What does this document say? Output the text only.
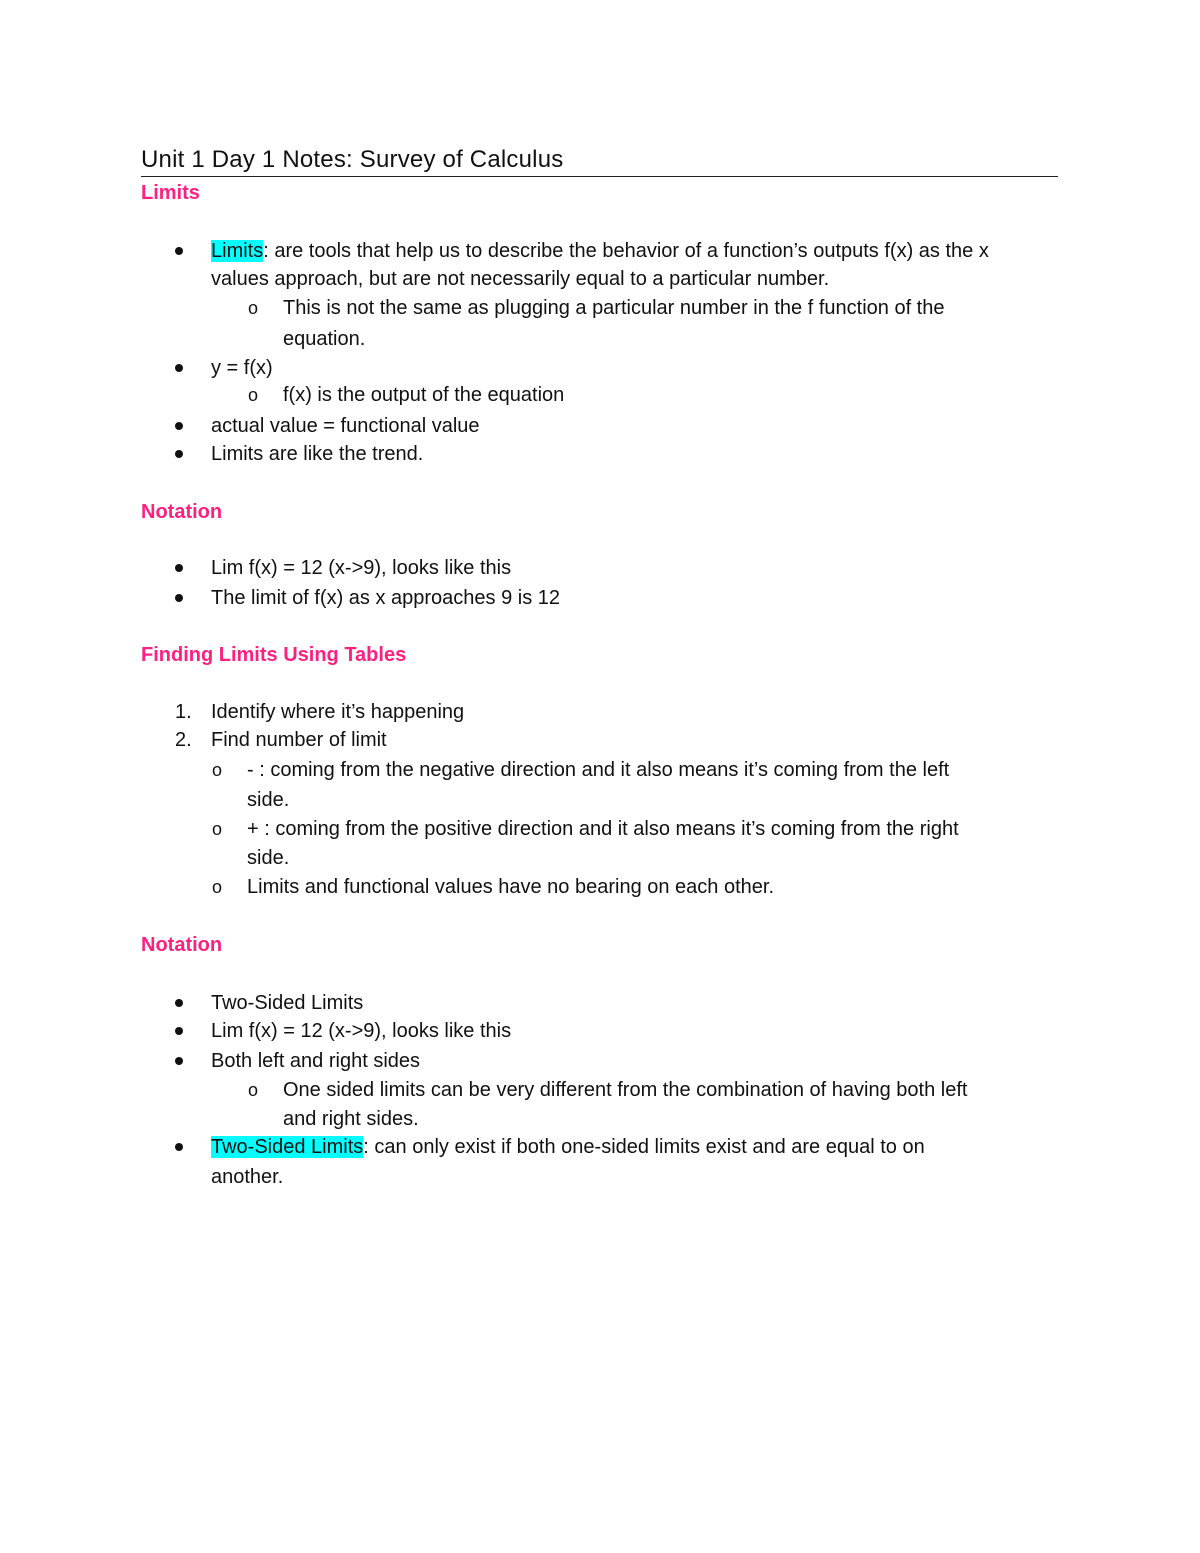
Unit 1 Day 1 Notes: Survey of Calculus
Limits
Limits: are tools that help us to describe the behavior of a function’s outputs f(x) as the x
values approach, but are not necessarily equal to a particular number.
o This is not the same as plugging a particular number in the f function of the
equation.
y = f(x)
o f(x) is the output of the equation
actual value = functional value
Limits are like the trend.
Notation
Lim f(x) = 12 (x->9), looks like this
The limit of f(x) as x approaches 9 is 12
Finding Limits Using Tables
1. Identify where it’s happening
2. Find number of limit
o - : coming from the negative direction and it also means it’s coming from the left
side.
o + : coming from the positive direction and it also means it’s coming from the right
side.
o Limits and functional values have no bearing on each other.
Notation
Two-Sided Limits
Lim f(x) = 12 (x->9), looks like this
Both left and right sides
o One sided limits can be very different from the combination of having both left
and right sides.
Two-Sided Limits: can only exist if both one-sided limits exist and are equal to on
another.
